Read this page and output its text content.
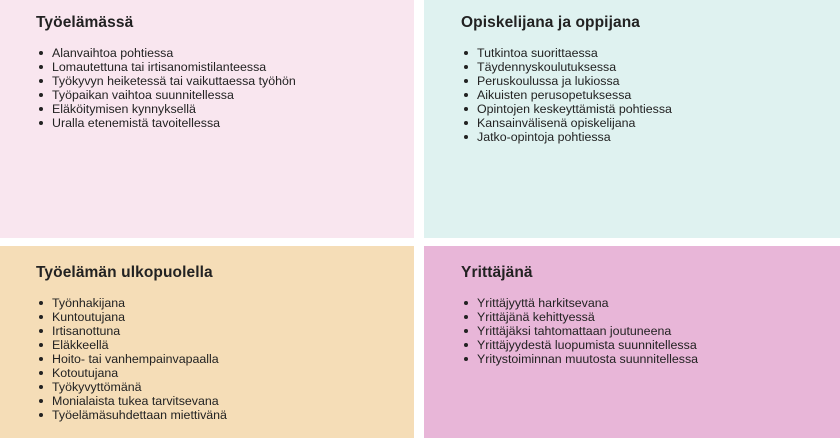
Työelämässä
Alanvaihtoa pohtiessa
Lomautettuna tai irtisanomistilanteessa
Työkyvyn heiketessä tai vaikuttaessa työhön
Työpaikan vaihtoa suunnitellessa
Eläköitymisen kynnyksellä
Uralla etenemistä tavoitellessa
Opiskelijana ja oppijana
Tutkintoa suorittaessa
Täydennyskoulutuksessa
Peruskoulussa ja lukiossa
Aikuisten perusopetuksessa
Opintojen keskeyttämistä pohtiessa
Kansainvälisenä opiskelijana
Jatko-opintoja pohtiessa
Työelämän ulkopuolella
Työnhakijana
Kuntoutujana
Irtisanottuna
Eläkkeellä
Hoito- tai vanhempainvapaalla
Kotoutujana
Työkyvyttömänä
Monialaista tukea tarvitsevana
Työelämäsuhdettaan miettivänä
Yrittäjänä
Yrittäjyyttä harkitsevana
Yrittäjänä kehittyessä
Yrittäjäksi tahtomattaan joutuneena
Yrittäjyydestä luopumista suunnitellessa
Yritystoiminnan muutosta suunnitellessa
